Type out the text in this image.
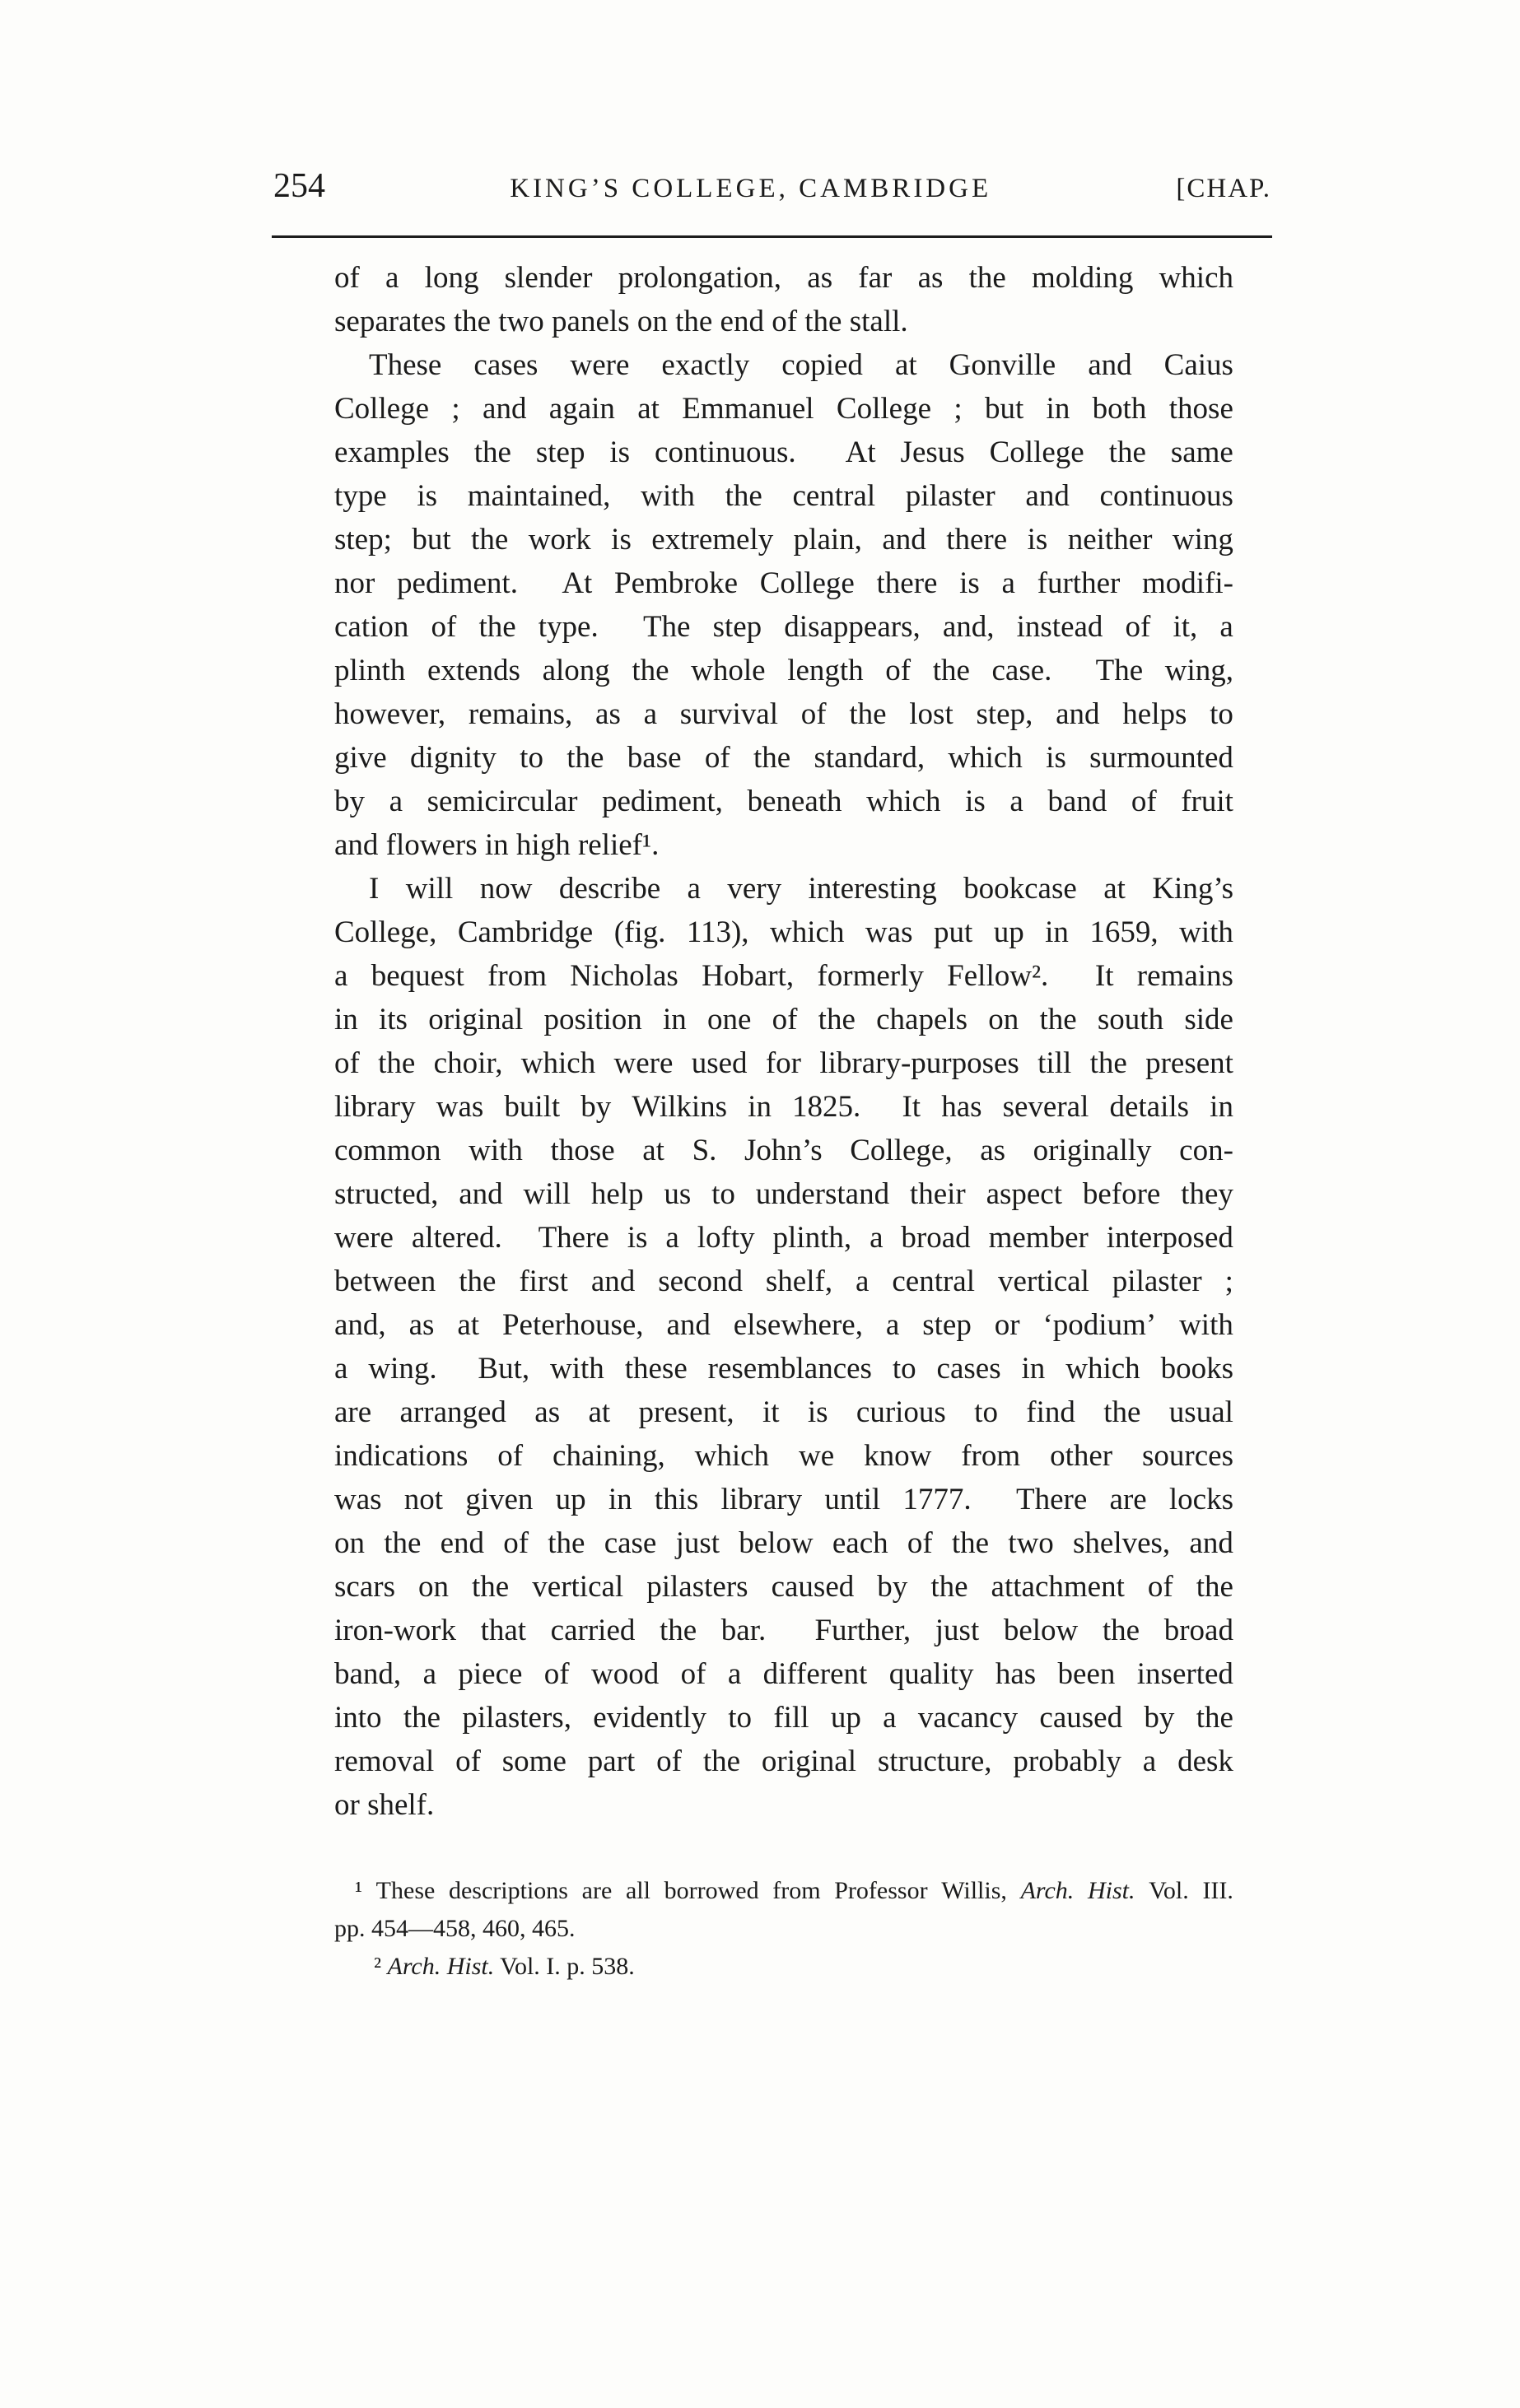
254	KING’S COLLEGE, CAMBRIDGE	[CHAP.
of a long slender prolongation, as far as the molding which
separates the two panels on the end of the stall.
These cases were exactly copied at Gonville and Caius
College ; and again at Emmanuel College ; but in both those
examples the step is continuous. At Jesus College the same
type is maintained, with the central pilaster and continuous
step; but the work is extremely plain, and there is neither wing
nor pediment. At Pembroke College there is a further modifi-
cation of the type. The step disappears, and, instead of it, a
plinth extends along the whole length of the case. The wing,
however, remains, as a survival of the lost step, and helps to
give dignity to the base of the standard, which is surmounted
by a semicircular pediment, beneath which is a band of fruit
and flowers in high relief¹.
I will now describe a very interesting bookcase at King’s
College, Cambridge (fig. 113), which was put up in 1659, with
a bequest from Nicholas Hobart, formerly Fellow². It remains
in its original position in one of the chapels on the south side
of the choir, which were used for library-purposes till the present
library was built by Wilkins in 1825. It has several details in
common with those at S. John’s College, as originally con-
structed, and will help us to understand their aspect before they
were altered. There is a lofty plinth, a broad member interposed
between the first and second shelf, a central vertical pilaster ;
and, as at Peterhouse, and elsewhere, a step or ‘podium’ with
a wing. But, with these resemblances to cases in which books
are arranged as at present, it is curious to find the usual
indications of chaining, which we know from other sources
was not given up in this library until 1777. There are locks
on the end of the case just below each of the two shelves, and
scars on the vertical pilasters caused by the attachment of the
iron-work that carried the bar. Further, just below the broad
band, a piece of wood of a different quality has been inserted
into the pilasters, evidently to fill up a vacancy caused by the
removal of some part of the original structure, probably a desk
or shelf.
¹ These descriptions are all borrowed from Professor Willis, Arch. Hist. Vol. III.
pp. 454—458, 460, 465.
² Arch. Hist. Vol. I. p. 538.
